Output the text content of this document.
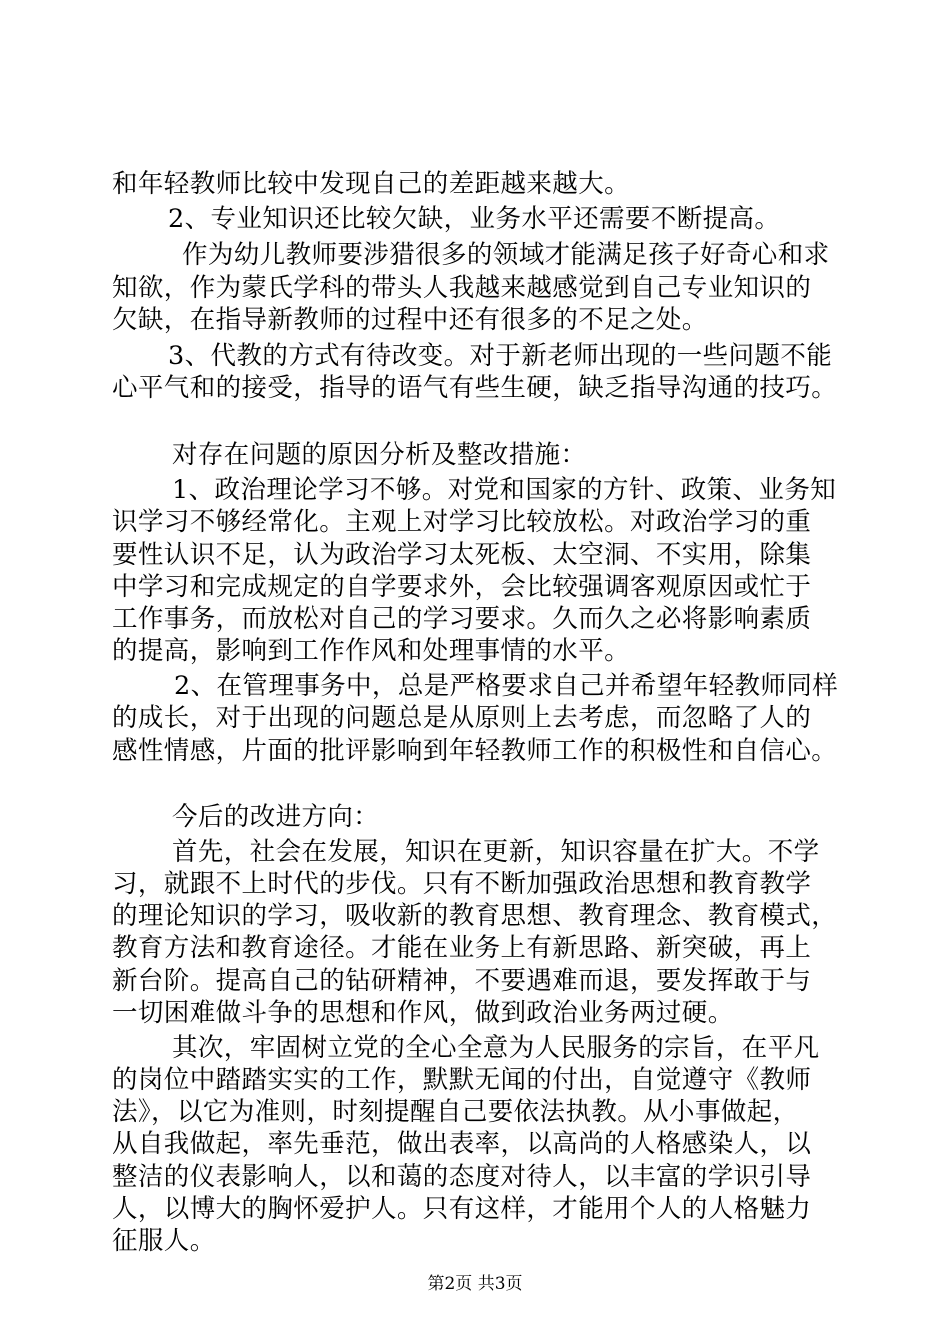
和年轻教师比较中发现自己的差距越来越大。
2、专业知识还比较欠缺，业务水平还需要不断提高。
作为幼儿教师要涉猎很多的领域才能满足孩子好奇心和求
知欲，作为蒙氏学科的带头人我越来越感觉到自己专业知识的
欠缺，在指导新教师的过程中还有很多的不足之处。
3、代教的方式有待改变。对于新老师出现的一些问题不能
心平气和的接受，指导的语气有些生硬，缺乏指导沟通的技巧。
对存在问题的原因分析及整改措施：
1、政治理论学习不够。对党和国家的方针、政策、业务知
识学习不够经常化。主观上对学习比较放松。对政治学习的重
要性认识不足，认为政治学习太死板、太空洞、不实用，除集
中学习和完成规定的自学要求外，会比较强调客观原因或忙于
工作事务，而放松对自己的学习要求。久而久之必将影响素质
的提高，影响到工作作风和处理事情的水平。
2、在管理事务中，总是严格要求自己并希望年轻教师同样
的成长，对于出现的问题总是从原则上去考虑，而忽略了人的
感性情感，片面的批评影响到年轻教师工作的积极性和自信心。
今后的改进方向：
首先，社会在发展，知识在更新，知识容量在扩大。不学
习，就跟不上时代的步伐。只有不断加强政治思想和教育教学
的理论知识的学习，吸收新的教育思想、教育理念、教育模式，
教育方法和教育途径。才能在业务上有新思路、新突破，再上
新台阶。提高自己的钻研精神，不要遇难而退，要发挥敢于与
一切困难做斗争的思想和作风，做到政治业务两过硬。
其次，牢固树立党的全心全意为人民服务的宗旨，在平凡
的岗位中踏踏实实的工作，默默无闻的付出，自觉遵守《教师
法》，以它为准则，时刻提醒自己要依法执教。从小事做起，
从自我做起，率先垂范，做出表率，以高尚的人格感染人，以
整洁的仪表影响人，以和蔼的态度对待人，以丰富的学识引导
人，以博大的胸怀爱护人。只有这样，才能用个人的人格魅力
征服人。
第2页 共3页
